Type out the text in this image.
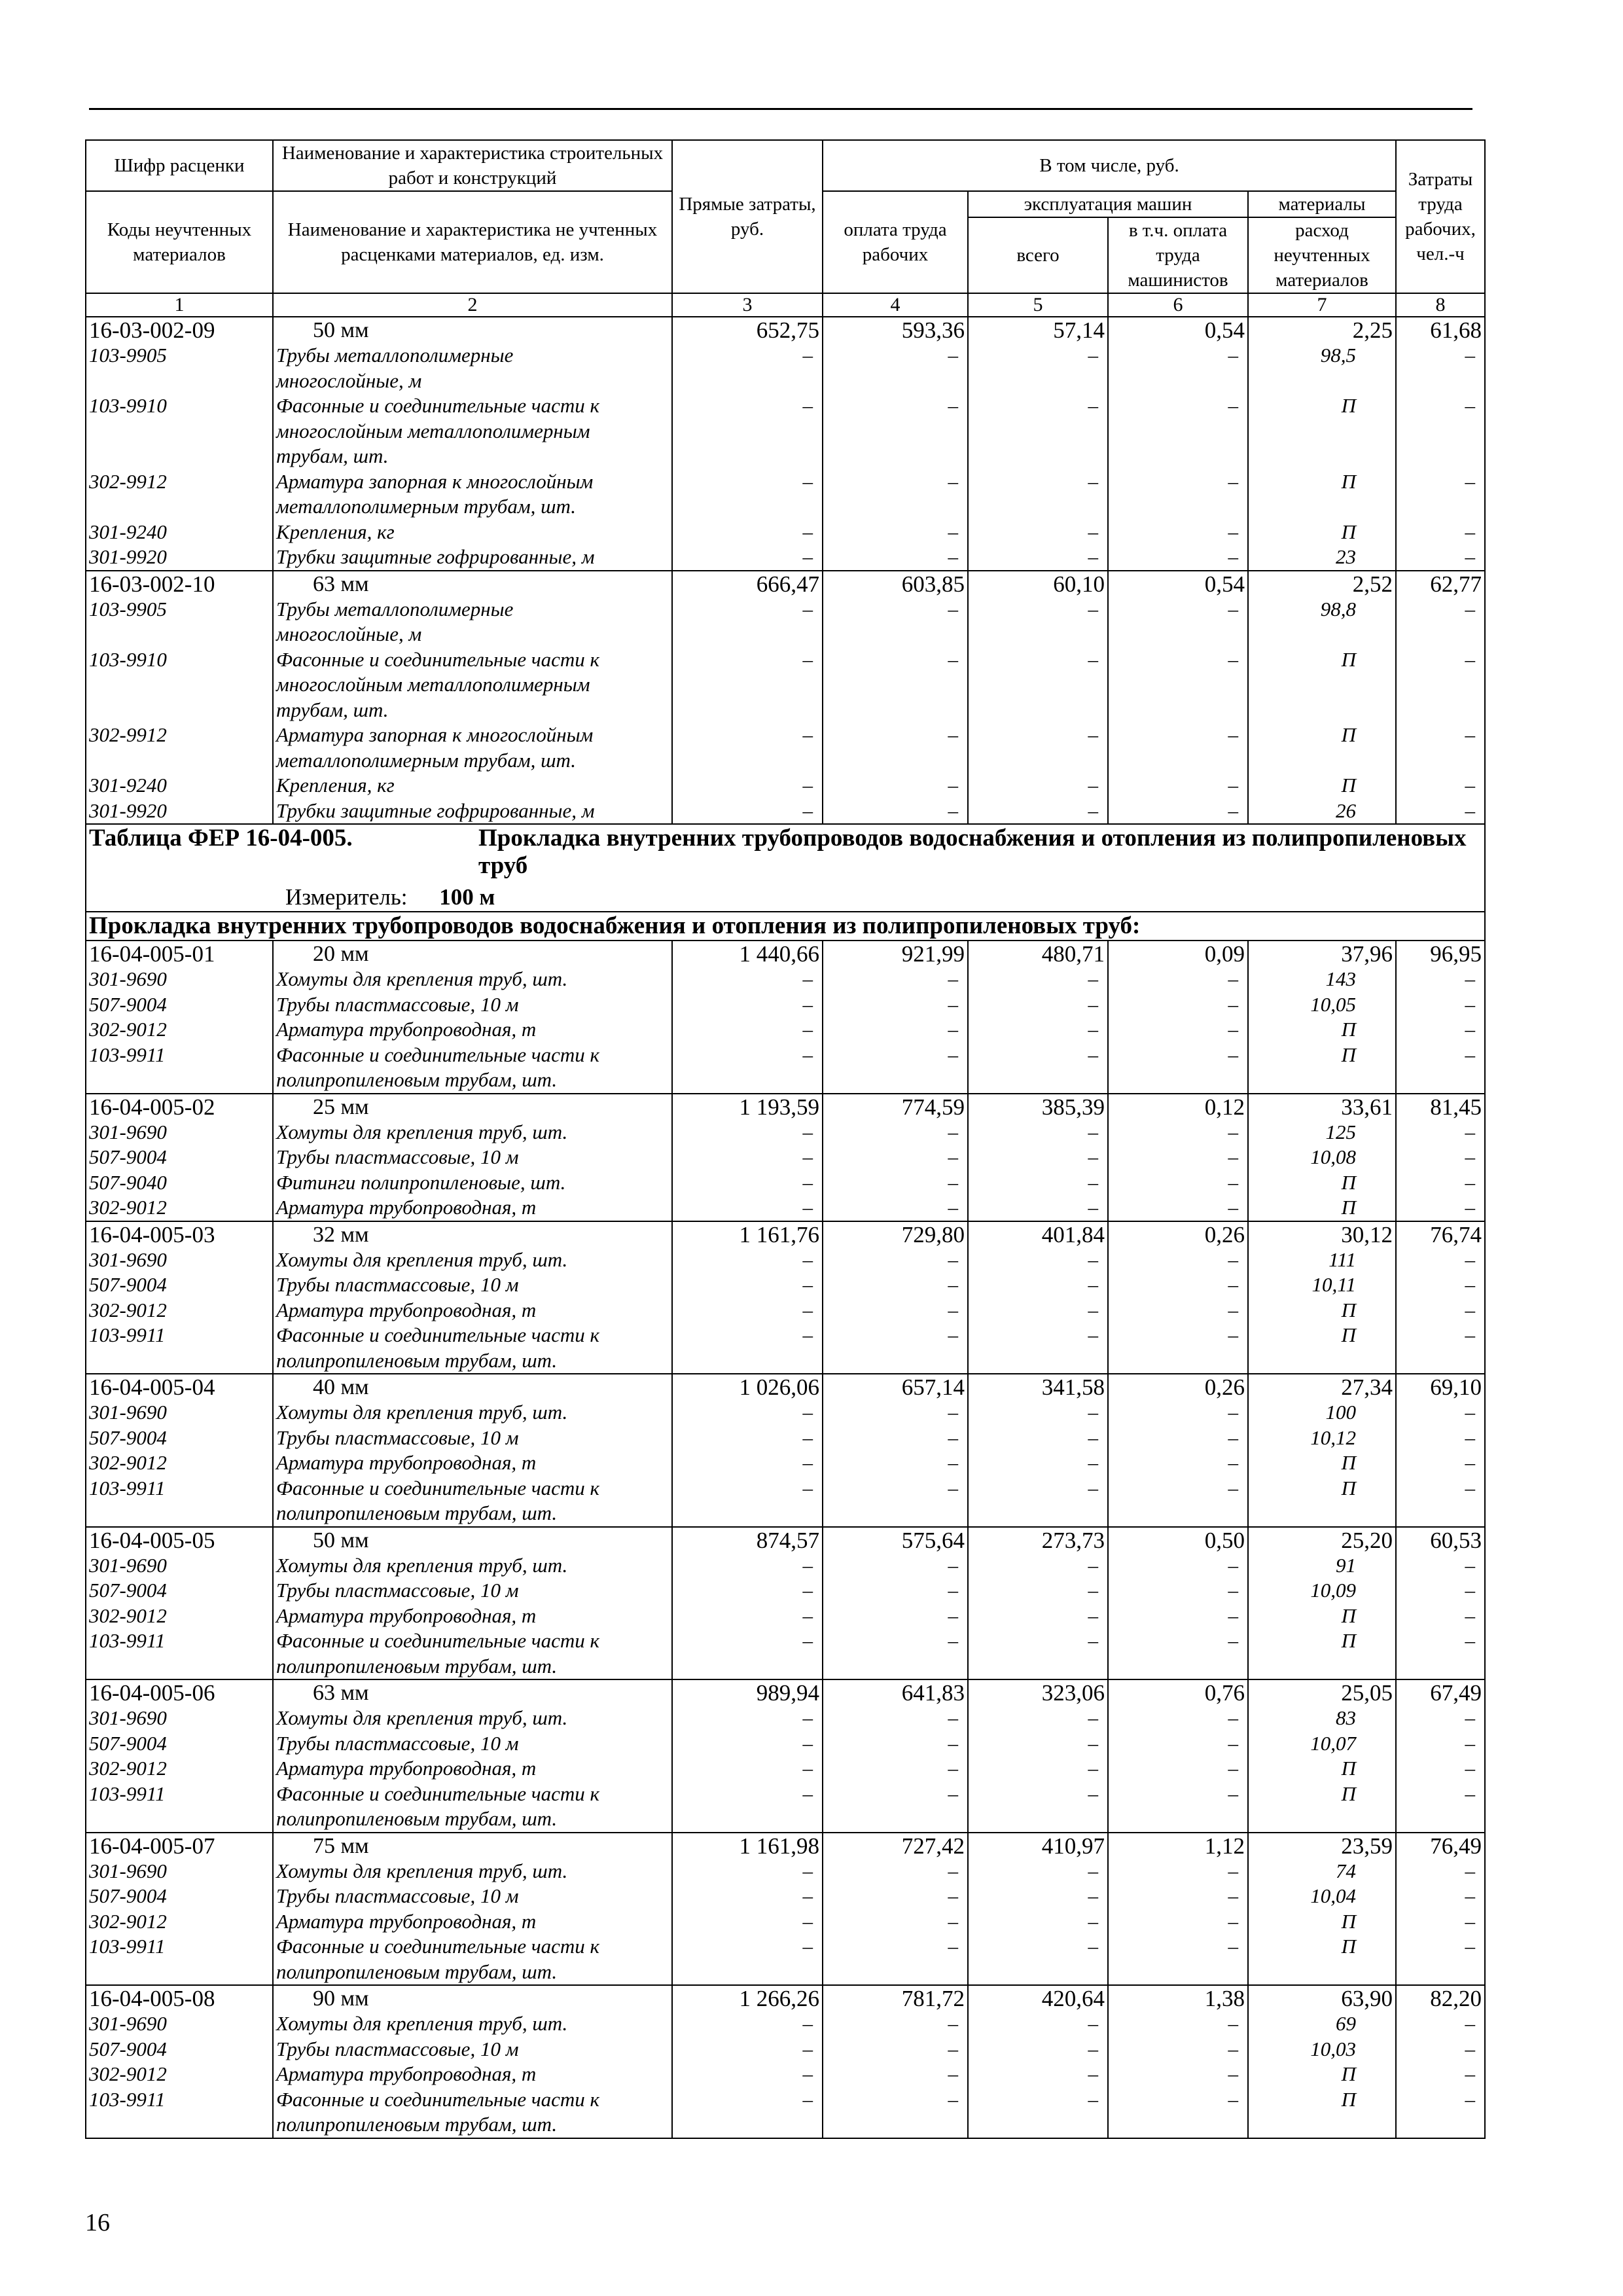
Шифр расценки	Наименование и характеристика строительных работ и конструкций	Прямые затраты, руб.	В том числе, руб.				Затраты труда рабочих, чел.-ч
Коды неучтенных материалов	Наименование и характеристика не учтенных расценками материалов, ед. изм.		оплата труда рабочих	эксплуатация машин		материалы	
				всего	в т.ч. оплата труда машинистов	расход неучтенных материалов	
1	2	3	4	5	6	7	8
16-03-002-09	50 мм	652,75	593,36	57,14	0,54	2,25	61,68
103-9905	Трубы металлополимерные
многослойные, м	–	–	–	–	98,5	–
103-9910	Фасонные и соединительные части к
многослойным металлополимерным
трубам, шт.	–	–	–	–	П	–
302-9912	Арматура запорная к многослойным
металлополимерным трубам, шт.	–	–	–	–	П	–
301-9240	Крепления, кг	–	–	–	–	П	–
301-9920	Трубки защитные гофрированные, м	–	–	–	–	23	–
16-03-002-10	63 мм	666,47	603,85	60,10	0,54	2,52	62,77
103-9905	Трубы металлополимерные
многослойные, м	–	–	–	–	98,8	–
103-9910	Фасонные и соединительные части к
многослойным металлополимерным
трубам, шт.	–	–	–	–	П	–
302-9912	Арматура запорная к многослойным
металлополимерным трубам, шт.	–	–	–	–	П	–
301-9240	Крепления, кг	–	–	–	–	П	–
301-9920	Трубки защитные гофрированные, м	–	–	–	–	26	–

Таблица ФЕР 16-04-005. Прокладка внутренних трубопроводов водоснабжения и отопления из полипропиленовых труб
Измеритель: 100 м							

Прокладка внутренних трубопроводов водоснабжения и отопления из полипропиленовых труб:							
16-04-005-01	20 мм	1 440,66	921,99	480,71	0,09	37,96	96,95
301-9690	Хомуты для крепления труб, шт.	–	–	–	–	143	–
507-9004	Трубы пластмассовые, 10 м	–	–	–	–	10,05	–
302-9012	Арматура трубопроводная, т	–	–	–	–	П	–
103-9911	Фасонные и соединительные части к
полипропиленовым трубам, шт.	–	–	–	–	П	–
16-04-005-02	25 мм	1 193,59	774,59	385,39	0,12	33,61	81,45
301-9690	Хомуты для крепления труб, шт.	–	–	–	–	125	–
507-9004	Трубы пластмассовые, 10 м	–	–	–	–	10,08	–
507-9040	Фитинги полипропиленовые, шт.	–	–	–	–	П	–
302-9012	Арматура трубопроводная, т	–	–	–	–	П	–
16-04-005-03	32 мм	1 161,76	729,80	401,84	0,26	30,12	76,74
301-9690	Хомуты для крепления труб, шт.	–	–	–	–	111	–
507-9004	Трубы пластмассовые, 10 м	–	–	–	–	10,11	–
302-9012	Арматура трубопроводная, т	–	–	–	–	П	–
103-9911	Фасонные и соединительные части к
полипропиленовым трубам, шт.	–	–	–	–	П	–
16-04-005-04	40 мм	1 026,06	657,14	341,58	0,26	27,34	69,10
301-9690	Хомуты для крепления труб, шт.	–	–	–	–	100	–
507-9004	Трубы пластмассовые, 10 м	–	–	–	–	10,12	–
302-9012	Арматура трубопроводная, т	–	–	–	–	П	–
103-9911	Фасонные и соединительные части к
полипропиленовым трубам, шт.	–	–	–	–	П	–
16-04-005-05	50 мм	874,57	575,64	273,73	0,50	25,20	60,53
301-9690	Хомуты для крепления труб, шт.	–	–	–	–	91	–
507-9004	Трубы пластмассовые, 10 м	–	–	–	–	10,09	–
302-9012	Арматура трубопроводная, т	–	–	–	–	П	–
103-9911	Фасонные и соединительные части к
полипропиленовым трубам, шт.	–	–	–	–	П	–
16-04-005-06	63 мм	989,94	641,83	323,06	0,76	25,05	67,49
301-9690	Хомуты для крепления труб, шт.	–	–	–	–	83	–
507-9004	Трубы пластмассовые, 10 м	–	–	–	–	10,07	–
302-9012	Арматура трубопроводная, т	–	–	–	–	П	–
103-9911	Фасонные и соединительные части к
полипропиленовым трубам, шт.	–	–	–	–	П	–
16-04-005-07	75 мм	1 161,98	727,42	410,97	1,12	23,59	76,49
301-9690	Хомуты для крепления труб, шт.	–	–	–	–	74	–
507-9004	Трубы пластмассовые, 10 м	–	–	–	–	10,04	–
302-9012	Арматура трубопроводная, т	–	–	–	–	П	–
103-9911	Фасонные и соединительные части к
полипропиленовым трубам, шт.	–	–	–	–	П	–
16-04-005-08	90 мм	1 266,26	781,72	420,64	1,38	63,90	82,20
301-9690	Хомуты для крепления труб, шт.	–	–	–	–	69	–
507-9004	Трубы пластмассовые, 10 м	–	–	–	–	10,03	–
302-9012	Арматура трубопроводная, т	–	–	–	–	П	–
103-9911	Фасонные и соединительные части к
полипропиленовым трубам, шт.	–	–	–	–	П	–
16
